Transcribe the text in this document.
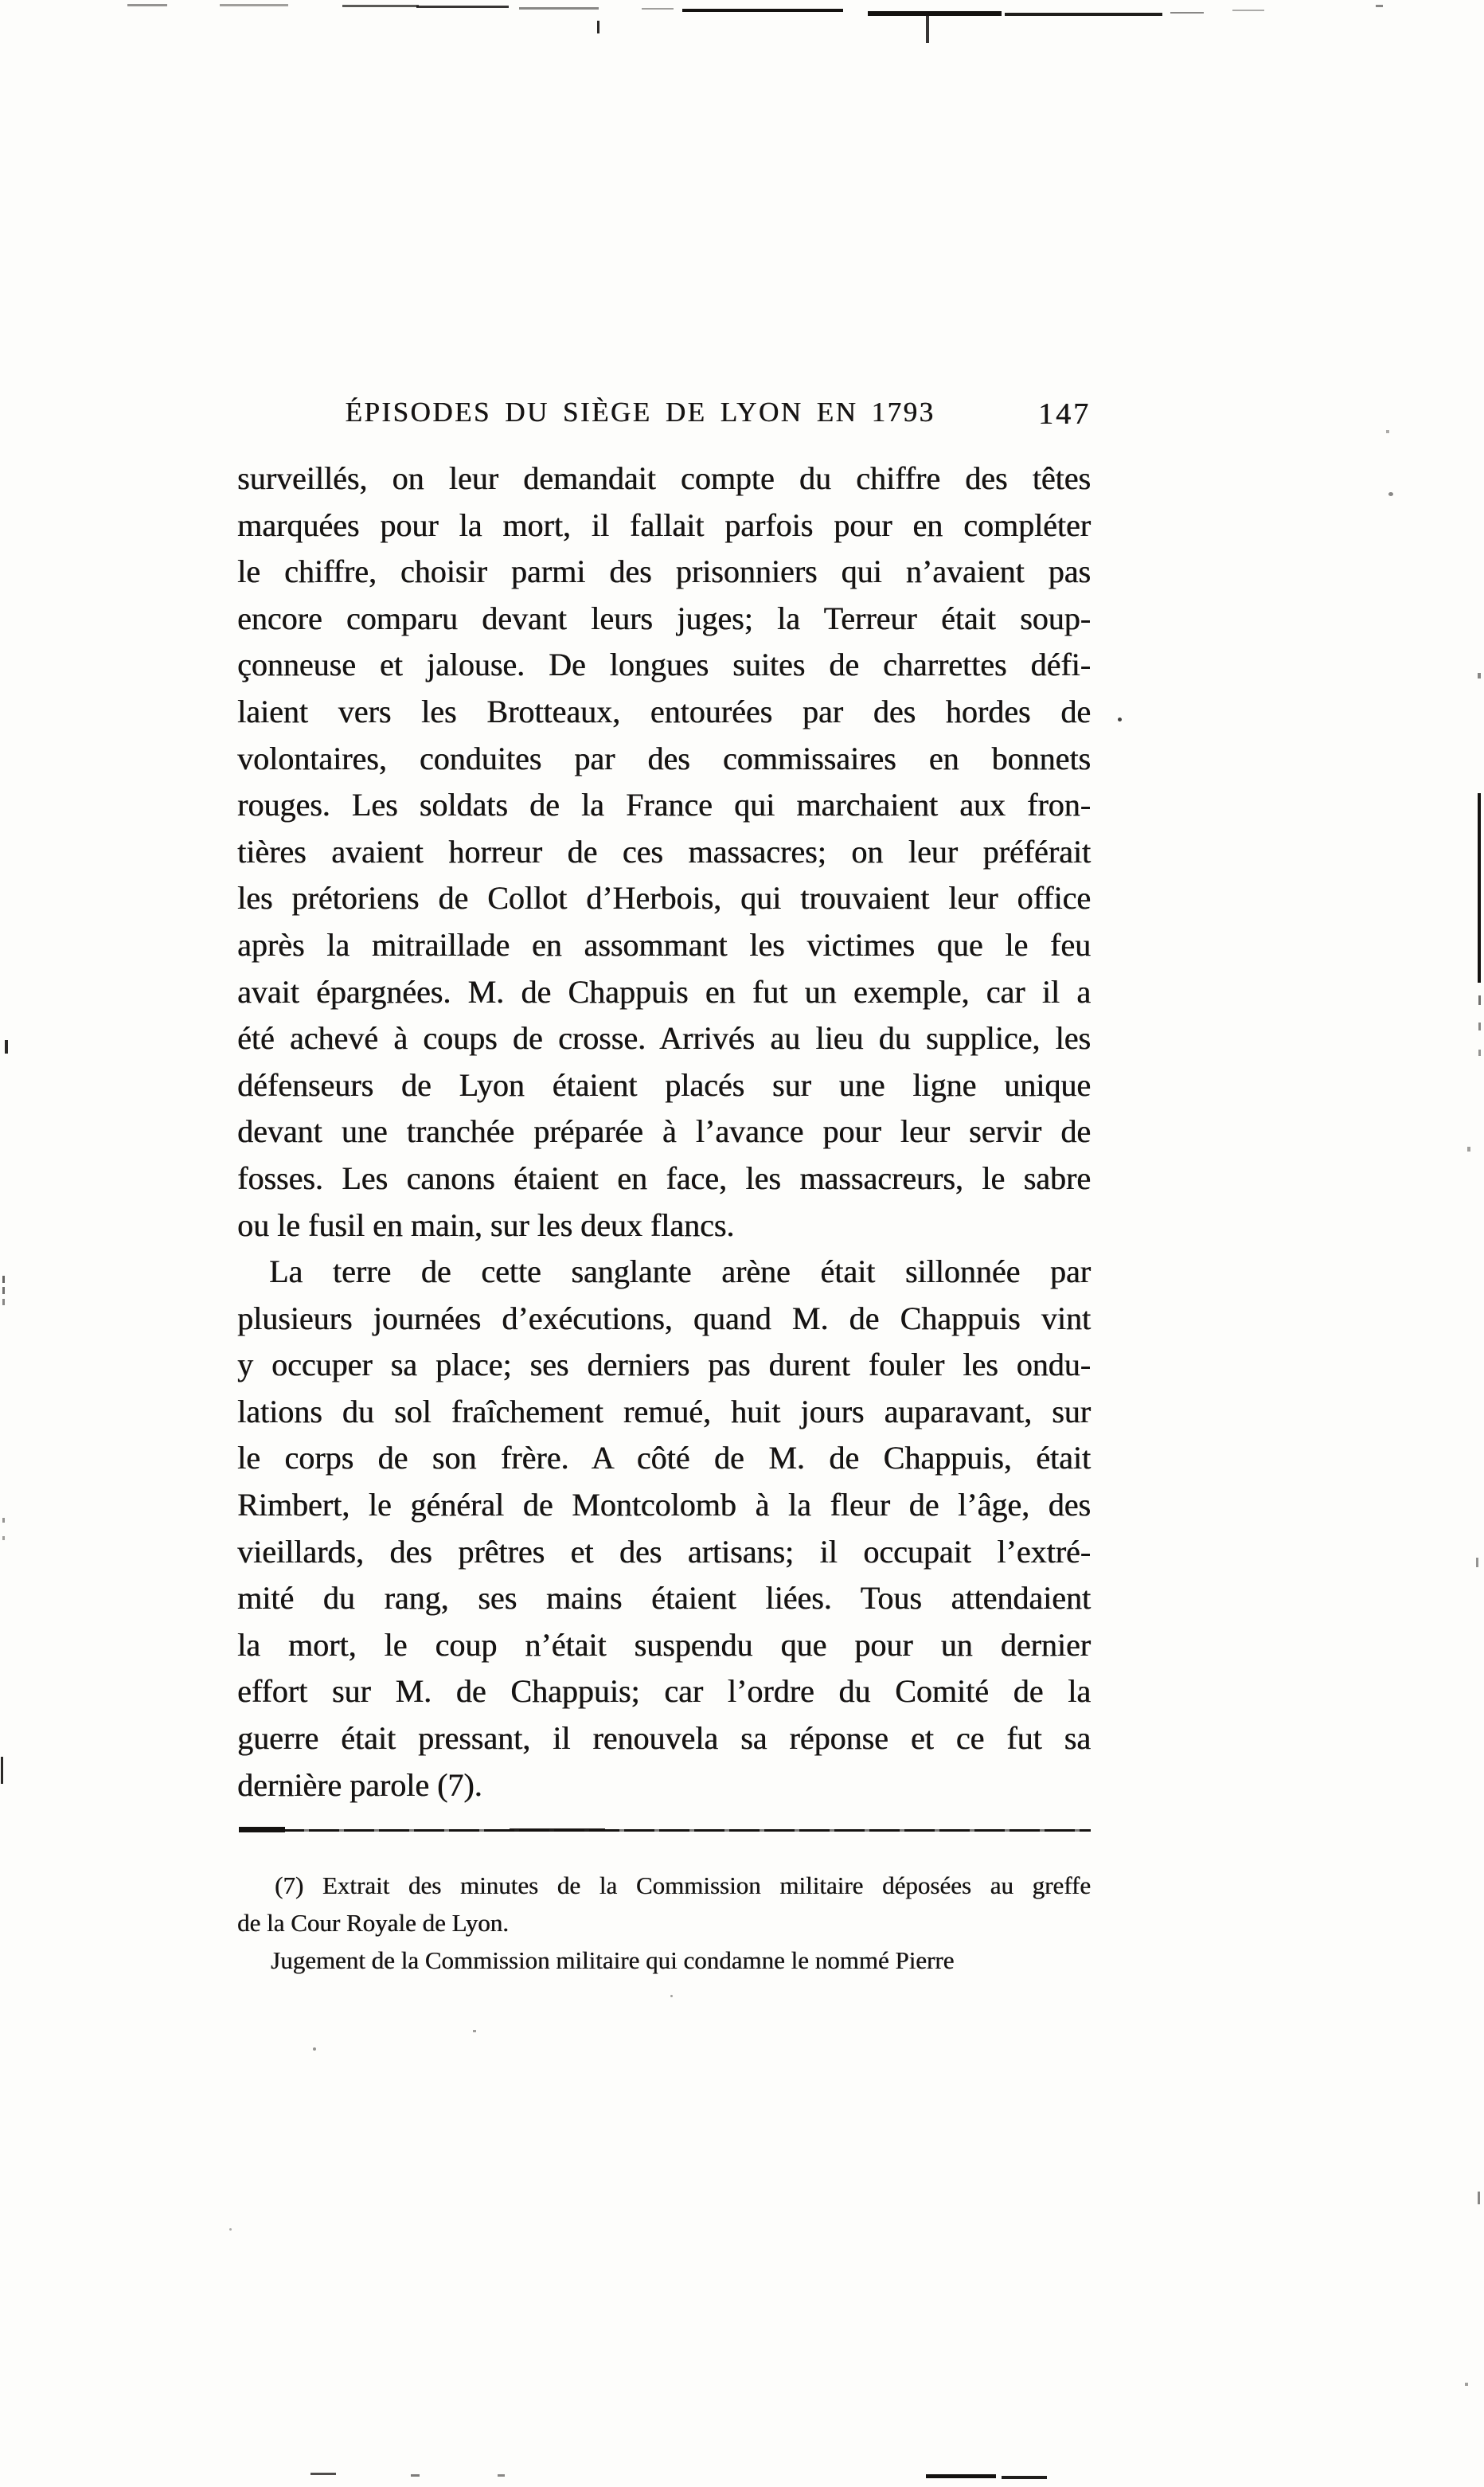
ÉPISODES DU SIÈGE DE LYON EN 1793	147
surveillés, on leur demandait compte du chiffre des têtes
marquées pour la mort, il fallait parfois pour en compléter
le chiffre, choisir parmi des prisonniers qui n’avaient pas
encore comparu devant leurs juges; la Terreur était soup-
çonneuse et jalouse. De longues suites de charrettes défi-
laient vers les Brotteaux, entourées par des hordes de
volontaires, conduites par des commissaires en bonnets
rouges. Les soldats de la France qui marchaient aux fron-
tières avaient horreur de ces massacres; on leur préférait
les prétoriens de Collot d’Herbois, qui trouvaient leur office
après la mitraillade en assommant les victimes que le feu
avait épargnées. M. de Chappuis en fut un exemple, car il a
été achevé à coups de crosse. Arrivés au lieu du supplice, les
défenseurs de Lyon étaient placés sur une ligne unique
devant une tranchée préparée à l’avance pour leur servir de
fosses. Les canons étaient en face, les massacreurs, le sabre
ou le fusil en main, sur les deux flancs.
La terre de cette sanglante arène était sillonnée par
plusieurs journées d’exécutions, quand M. de Chappuis vint
y occuper sa place; ses derniers pas durent fouler les ondu-
lations du sol fraîchement remué, huit jours auparavant, sur
le corps de son frère. A côté de M. de Chappuis, était
Rimbert, le général de Montcolomb à la fleur de l’âge, des
vieillards, des prêtres et des artisans; il occupait l’extré-
mité du rang, ses mains étaient liées. Tous attendaient
la mort, le coup n’était suspendu que pour un dernier
effort sur M. de Chappuis; car l’ordre du Comité de la
guerre était pressant, il renouvela sa réponse et ce fut sa
dernière parole (7).
(7) Extrait des minutes de la Commission militaire déposées au greffe
de la Cour Royale de Lyon.
Jugement de la Commission militaire qui condamne le nommé Pierre
